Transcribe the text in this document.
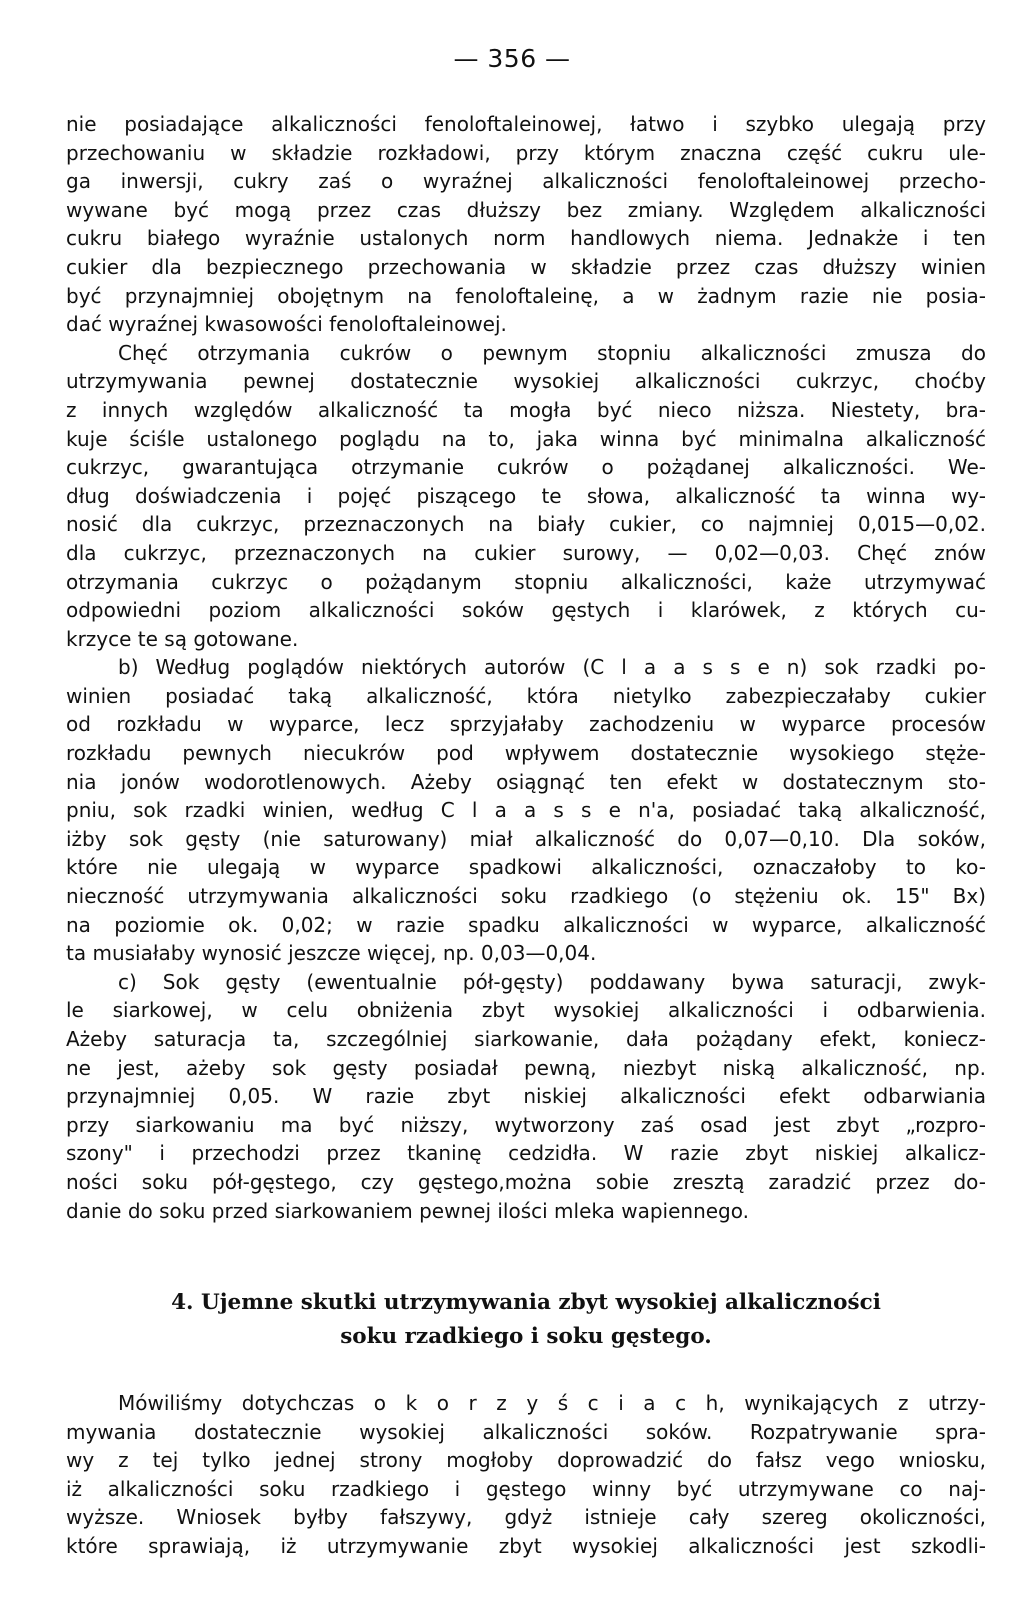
— 356 —
nie posiadające alkaliczności fenoloftaleinowej, łatwo i szybko ulegają przy
przechowaniu w składzie rozkładowi, przy którym znaczna część cukru ule-
ga inwersji, cukry zaś o wyraźnej alkaliczności fenoloftaleinowej przecho-
wywane być mogą przez czas dłuższy bez zmiany. Względem alkaliczności
cukru białego wyraźnie ustalonych norm handlowych niema. Jednakże i ten
cukier dla bezpiecznego przechowania w składzie przez czas dłuższy winien
być przynajmniej obojętnym na fenoloftaleinę, a w żadnym razie nie posia-
dać wyraźnej kwasowości fenoloftaleinowej.
Chęć otrzymania cukrów o pewnym stopniu alkaliczności zmusza do
utrzymywania pewnej dostatecznie wysokiej alkaliczności cukrzyc, choćby
z innych względów alkaliczność ta mogła być nieco niższa. Niestety, bra-
kuje ściśle ustalonego poglądu na to, jaka winna być minimalna alkaliczność
cukrzyc, gwarantująca otrzymanie cukrów o pożądanej alkaliczności. We-
dług doświadczenia i pojęć piszącego te słowa, alkaliczność ta winna wy-
nosić dla cukrzyc, przeznaczonych na biały cukier, co najmniej 0,015—0,02.
dla cukrzyc, przeznaczonych na cukier surowy, — 0,02—0,03. Chęć znów
otrzymania cukrzyc o pożądanym stopniu alkaliczności, każe utrzymywać
odpowiedni poziom alkaliczności soków gęstych i klarówek, z których cu-
krzyce te są gotowane.
b) Według poglądów niektórych autorów (C l a a s s e n) sok rzadki po-
winien posiadać taką alkaliczność, która nietylko zabezpieczałaby cukier
od rozkładu w wyparce, lecz sprzyjałaby zachodzeniu w wyparce procesów
rozkładu pewnych niecukrów pod wpływem dostatecznie wysokiego stęże-
nia jonów wodorotlenowych. Ażeby osiągnąć ten efekt w dostatecznym sto-
pniu, sok rzadki winien, według C l a a s s e n'a, posiadać taką alkaliczność,
iżby sok gęsty (nie saturowany) miał alkaliczność do 0,07—0,10. Dla soków,
które nie ulegają w wyparce spadkowi alkaliczności, oznaczałoby to ko-
nieczność utrzymywania alkaliczności soku rzadkiego (o stężeniu ok. 15" Bx)
na poziomie ok. 0,02; w razie spadku alkaliczności w wyparce, alkaliczność
ta musiałaby wynosić jeszcze więcej, np. 0,03—0,04.
c) Sok gęsty (ewentualnie pół-gęsty) poddawany bywa saturacji, zwyk-
le siarkowej, w celu obniżenia zbyt wysokiej alkaliczności i odbarwienia.
Ażeby saturacja ta, szczególniej siarkowanie, dała pożądany efekt, koniecz-
ne jest, ażeby sok gęsty posiadał pewną, niezbyt niską alkaliczność, np.
przynajmniej 0,05. W razie zbyt niskiej alkaliczności efekt odbarwiania
przy siarkowaniu ma być niższy, wytworzony zaś osad jest zbyt „rozpro-
szony" i przechodzi przez tkaninę cedzidła. W razie zbyt niskiej alkalicz-
ności soku pół-gęstego, czy gęstego,można sobie zresztą zaradzić przez do-
danie do soku przed siarkowaniem pewnej ilości mleka wapiennego.
4. Ujemne skutki utrzymywania zbyt wysokiej alkaliczności
soku rzadkiego i soku gęstego.
Mówiliśmy dotychczas o k o r z y ś c i a c h, wynikających z utrzy-
mywania dostatecznie wysokiej alkaliczności soków. Rozpatrywanie spra-
wy z tej tylko jednej strony mogłoby doprowadzić do fałsz vego wniosku,
iż alkaliczności soku rzadkiego i gęstego winny być utrzymywane co naj-
wyższe. Wniosek byłby fałszywy, gdyż istnieje cały szereg okoliczności,
które sprawiają, iż utrzymywanie zbyt wysokiej alkaliczności jest szkodli-
